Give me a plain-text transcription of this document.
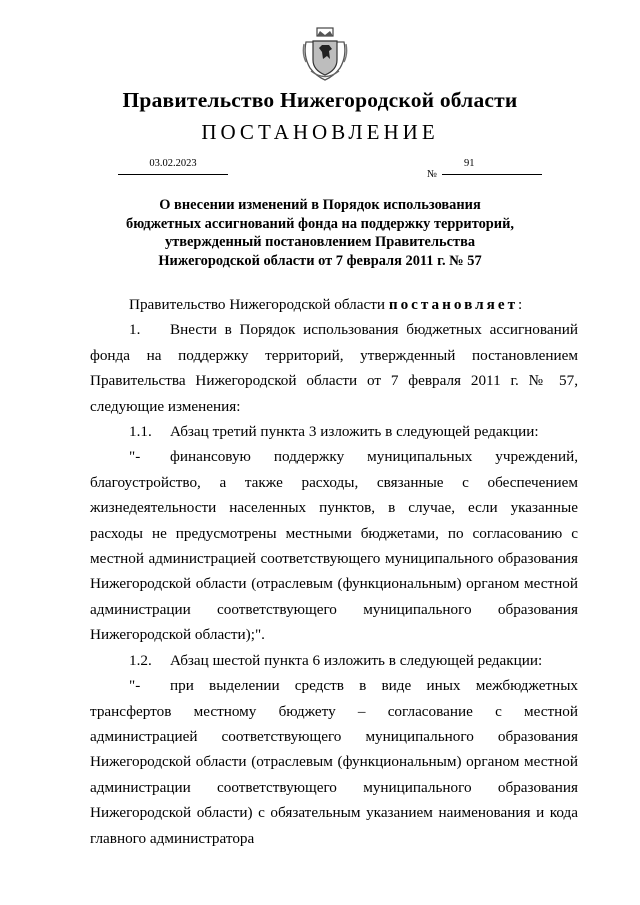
Правительство Нижегородской области
ПОСТАНОВЛЕНИЕ
03.02.2023
№
91
О внесении изменений в Порядок использования
бюджетных ассигнований фонда на поддержку территорий,
утвержденный постановлением Правительства
Нижегородской области от 7 февраля 2011 г. № 57

Правительство Нижегородской области постановляет:

1. Внести в Порядок использования бюджетных ассигнований фонда на поддержку территорий, утвержденный постановлением Правительства Нижегородской области от 7 февраля 2011 г. № 57, следующие изменения:

1.1. Абзац третий пункта 3 изложить в следующей редакции:

"- финансовую поддержку муниципальных учреждений, благоустройство, а также расходы, связанные с обеспечением жизнедеятельности населенных пунктов, в случае, если указанные расходы не предусмотрены местными бюджетами, по согласованию с местной администрацией соответствующего муниципального образования Нижегородской области (отраслевым (функциональным) органом местной администрации соответствующего муниципального образования Нижегородской области);".

1.2. Абзац шестой пункта 6 изложить в следующей редакции:

"- при выделении средств в виде иных межбюджетных трансфертов местному бюджету – согласование с местной администрацией соответствующего муниципального образования Нижегородской области (отраслевым (функциональным) органом местной администрации соответствующего муниципального образования Нижегородской области) с обязательным указанием наименования и кода главного администратора
